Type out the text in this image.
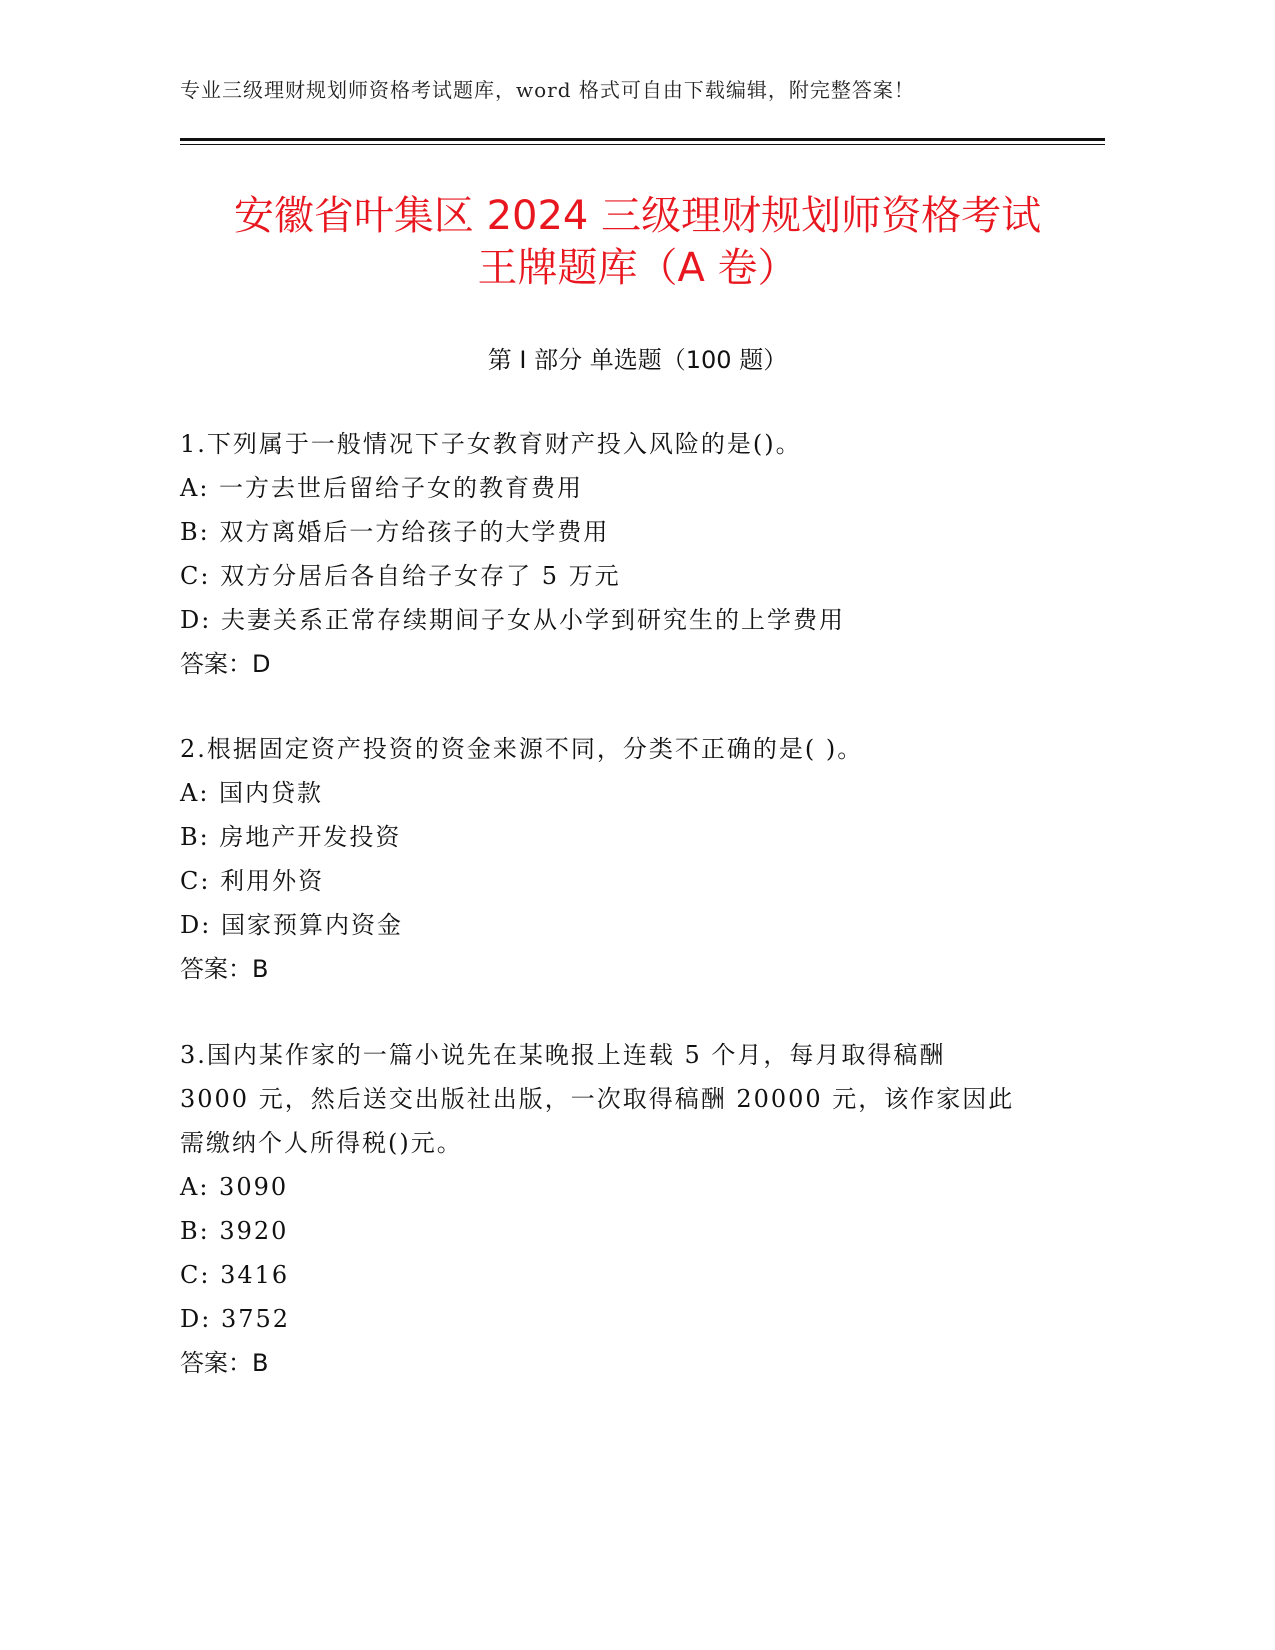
专业三级理财规划师资格考试题库，word 格式可自由下载编辑，附完整答案！
安徽省叶集区 2024 三级理财规划师资格考试
王牌题库（A 卷）
第 I 部分 单选题（100 题）
1.下列属于一般情况下子女教育财产投入风险的是()。
A: 一方去世后留给子女的教育费用
B: 双方离婚后一方给孩子的大学费用
C: 双方分居后各自给子女存了 5 万元
D: 夫妻关系正常存续期间子女从小学到研究生的上学费用
答案：D
2.根据固定资产投资的资金来源不同，分类不正确的是( )。
A: 国内贷款
B: 房地产开发投资
C: 利用外资
D: 国家预算内资金
答案：B
3.国内某作家的一篇小说先在某晚报上连载 5 个月，每月取得稿酬
3000 元，然后送交出版社出版，一次取得稿酬 20000 元，该作家因此
需缴纳个人所得税()元。
A: 3090
B: 3920
C: 3416
D: 3752
答案：B
